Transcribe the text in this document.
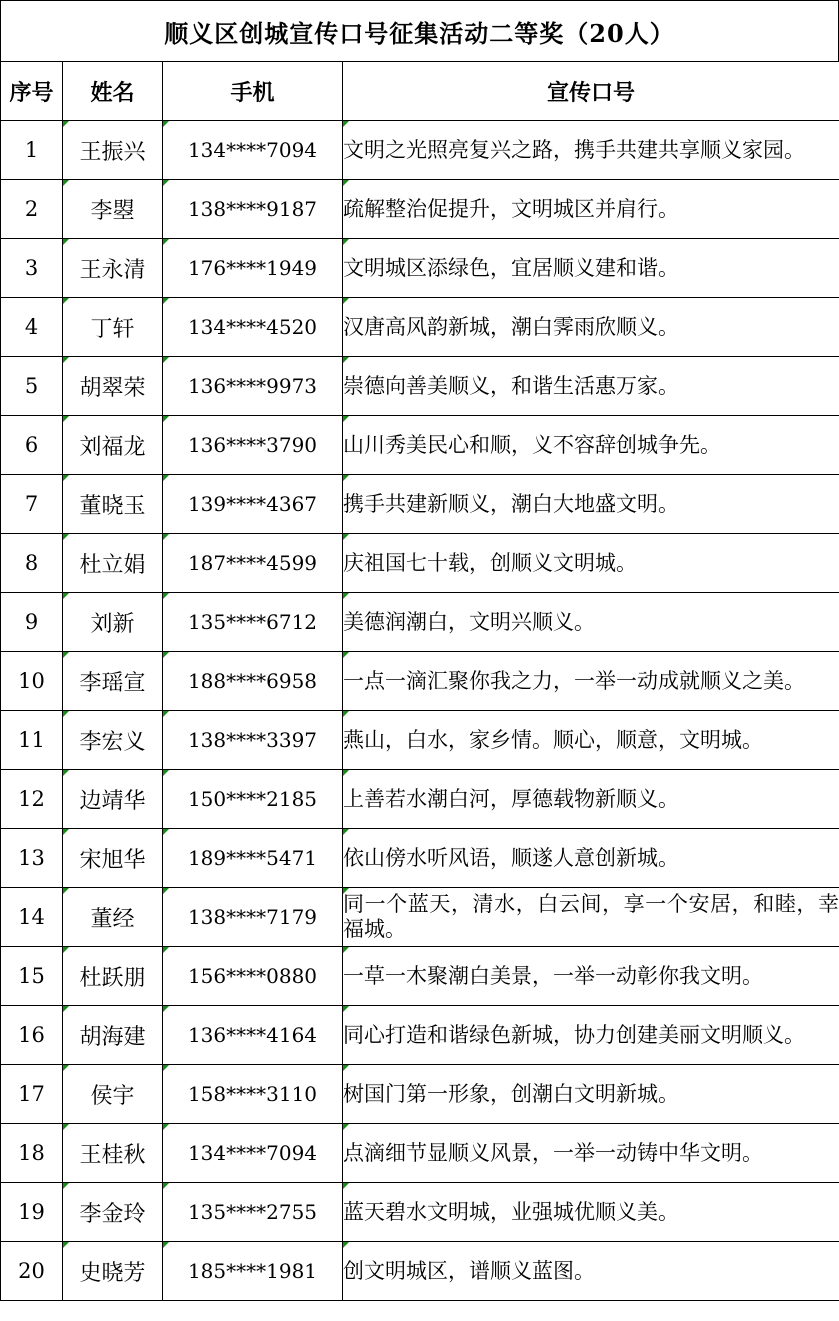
顺义区创城宣传口号征集活动二等奖（20人）
序号	姓名	手机	宣传口号
1	王振兴	134****7094	文明之光照亮复兴之路，携手共建共享顺义家园。
2	李曌	138****9187	疏解整治促提升，文明城区并肩行。
3	王永清	176****1949	文明城区添绿色，宜居顺义建和谐。
4	丁轩	134****4520	汉唐高风韵新城，潮白霁雨欣顺义。
5	胡翠荣	136****9973	崇德向善美顺义，和谐生活惠万家。
6	刘福龙	136****3790	山川秀美民心和顺，义不容辞创城争先。
7	董晓玉	139****4367	携手共建新顺义，潮白大地盛文明。
8	杜立娟	187****4599	庆祖国七十载，创顺义文明城。
9	刘新	135****6712	美德润潮白，文明兴顺义。
10	李瑶宣	188****6958	一点一滴汇聚你我之力，一举一动成就顺义之美。
11	李宏义	138****3397	燕山，白水，家乡情。顺心，顺意，文明城。
12	边靖华	150****2185	上善若水潮白河，厚德载物新顺义。
13	宋旭华	189****5471	依山傍水听风语，顺遂人意创新城。
14	董经	138****7179	同一个蓝天，清水，白云间，享一个安居，和睦，幸福城。
15	杜跃朋	156****0880	一草一木聚潮白美景，一举一动彰你我文明。
16	胡海建	136****4164	同心打造和谐绿色新城，协力创建美丽文明顺义。
17	侯宇	158****3110	树国门第一形象，创潮白文明新城。
18	王桂秋	134****7094	点滴细节显顺义风景，一举一动铸中华文明。
19	李金玲	135****2755	蓝天碧水文明城，业强城优顺义美。
20	史晓芳	185****1981	创文明城区，谱顺义蓝图。
